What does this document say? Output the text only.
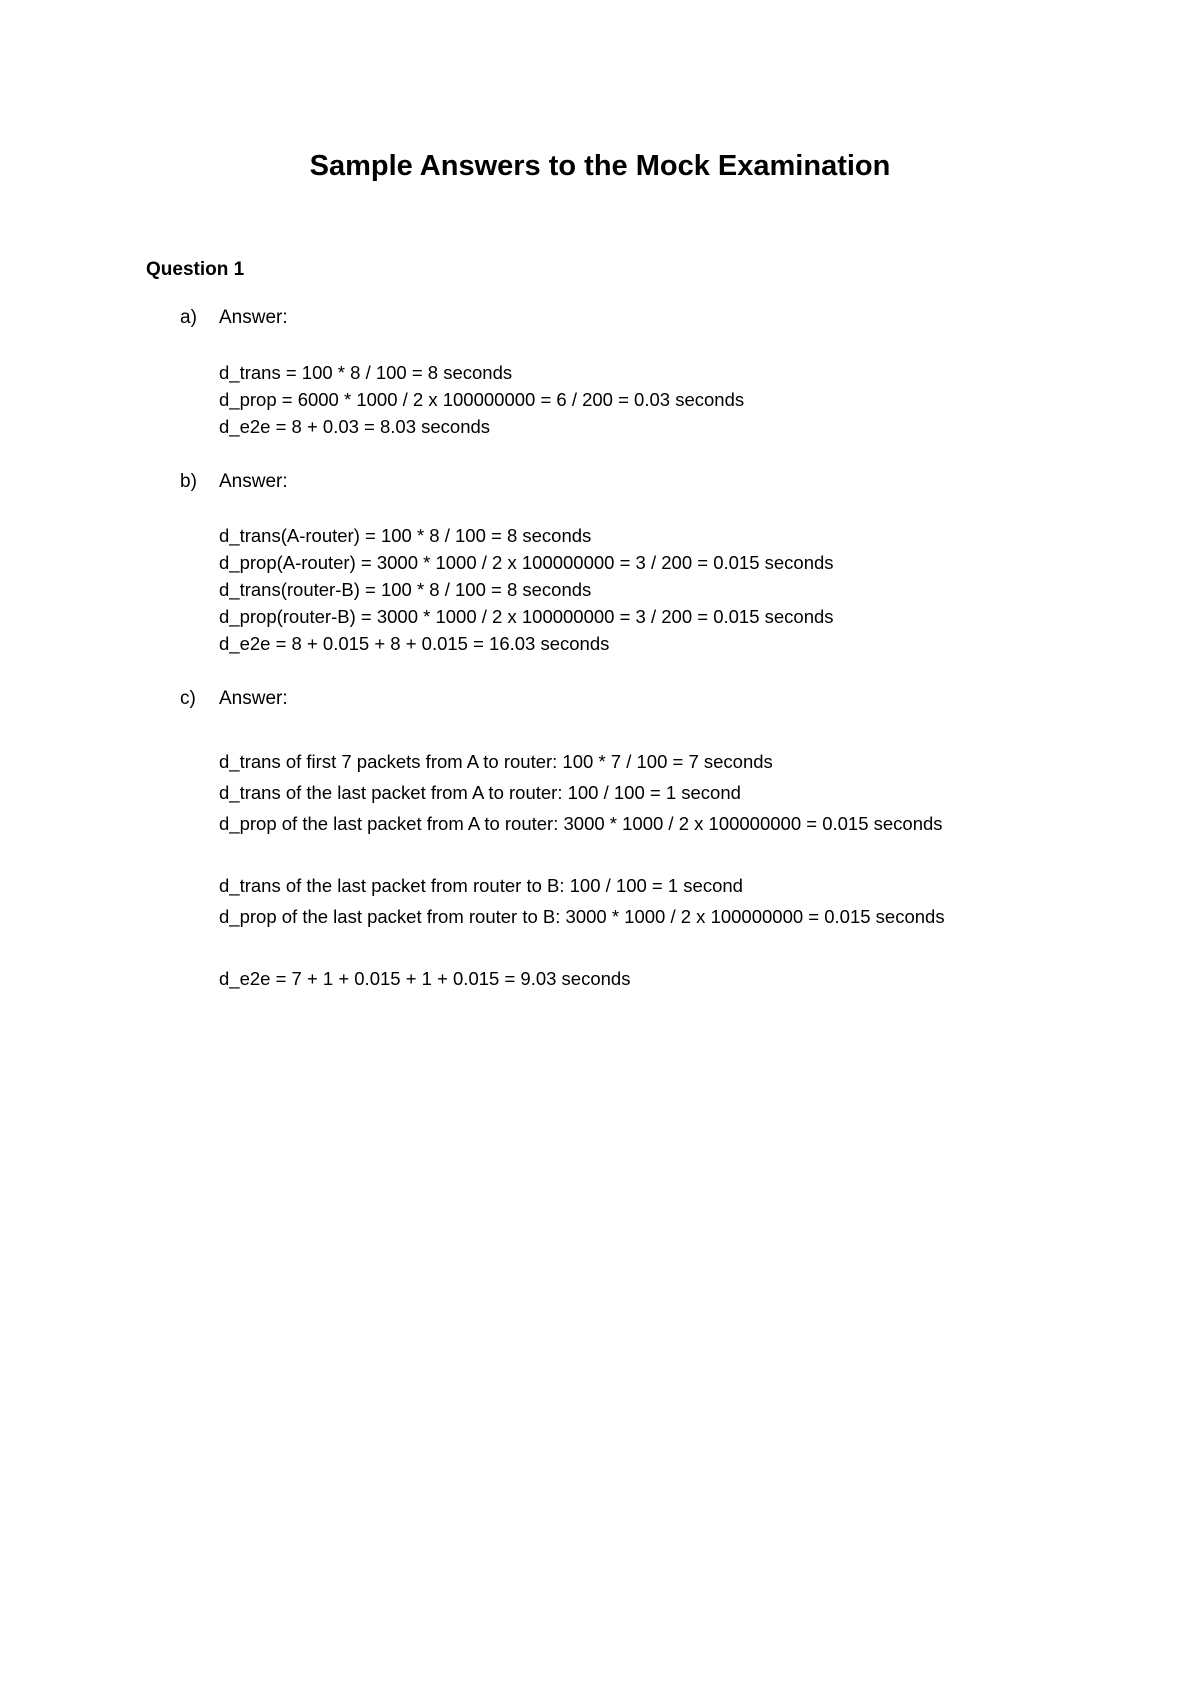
Sample Answers to the Mock Examination
Question 1
a) Answer:
d_trans = 100 * 8 / 100 = 8 seconds
d_prop = 6000 * 1000 / 2 x 100000000 = 6 / 200 = 0.03 seconds
d_e2e = 8 + 0.03 = 8.03 seconds
b) Answer:
d_trans(A-router) = 100 * 8 / 100 = 8 seconds
d_prop(A-router) = 3000 * 1000 / 2 x 100000000 = 3 / 200 = 0.015 seconds
d_trans(router-B) = 100 * 8 / 100 = 8 seconds
d_prop(router-B) = 3000 * 1000 / 2 x 100000000 = 3 / 200 = 0.015 seconds
d_e2e = 8 + 0.015 + 8 + 0.015 = 16.03 seconds
c) Answer:
d_trans of first 7 packets from A to router: 100 * 7 / 100 = 7 seconds
d_trans of the last packet from A to router: 100 / 100 = 1 second
d_prop of the last packet from A to router: 3000 * 1000 / 2 x 100000000 = 0.015 seconds
d_trans of the last packet from router to B: 100 / 100 = 1 second
d_prop of the last packet from router to B: 3000 * 1000 / 2 x 100000000 = 0.015 seconds
d_e2e = 7 + 1 + 0.015 + 1 + 0.015 = 9.03 seconds
